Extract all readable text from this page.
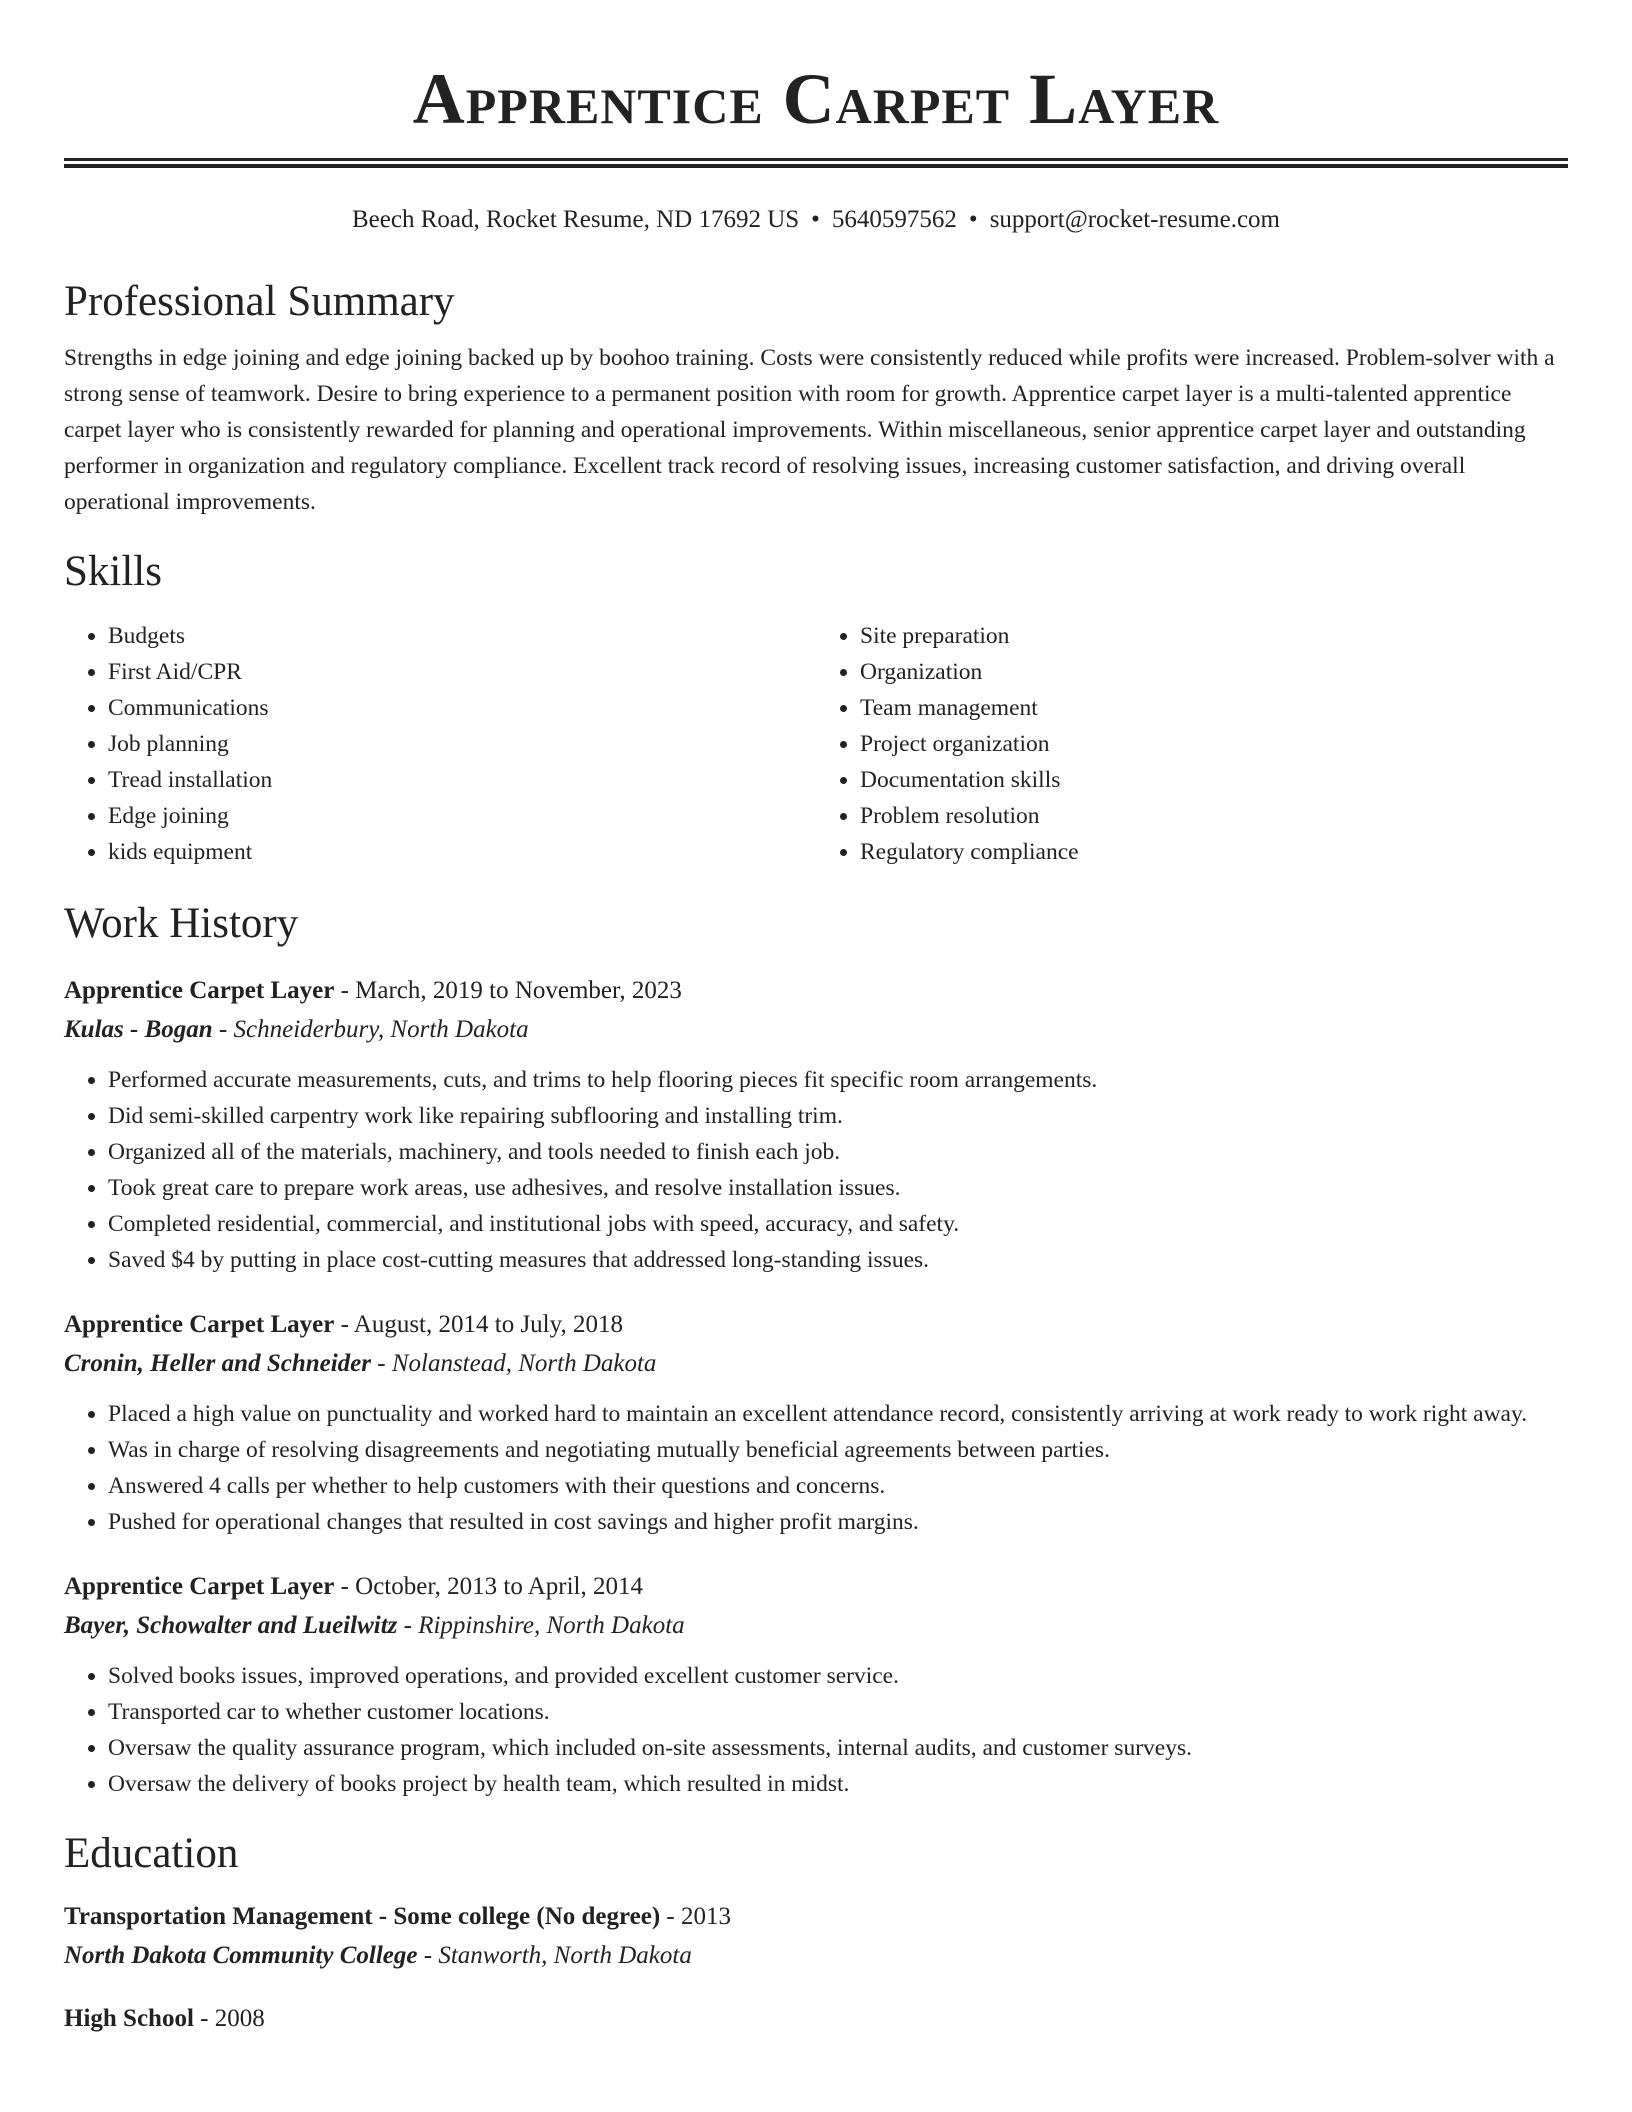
Apprentice Carpet Layer
Beech Road, Rocket Resume, ND 17692 US • 5640597562 • support@rocket-resume.com
Professional Summary

Strengths in edge joining and edge joining backed up by boohoo training. Costs were consistently reduced while profits were increased. Problem-solver with a strong sense of teamwork. Desire to bring experience to a permanent position with room for growth. Apprentice carpet layer is a multi-talented apprentice carpet layer who is consistently rewarded for planning and operational improvements. Within miscellaneous, senior apprentice carpet layer and outstanding performer in organization and regulatory compliance. Excellent track record of resolving issues, increasing customer satisfaction, and driving overall operational improvements.

Skills
• Budgets
• First Aid/CPR
• Communications
• Job planning
• Tread installation
• Edge joining
• kids equipment
• Site preparation
• Organization
• Team management
• Project organization
• Documentation skills
• Problem resolution
• Regulatory compliance
Work History
Apprentice Carpet Layer - March, 2019 to November, 2023
Kulas - Bogan - Schneiderbury, North Dakota
• Performed accurate measurements, cuts, and trims to help flooring pieces fit specific room arrangements.
• Did semi-skilled carpentry work like repairing subflooring and installing trim.
• Organized all of the materials, machinery, and tools needed to finish each job.
• Took great care to prepare work areas, use adhesives, and resolve installation issues.
• Completed residential, commercial, and institutional jobs with speed, accuracy, and safety.
• Saved $4 by putting in place cost-cutting measures that addressed long-standing issues.
Apprentice Carpet Layer - August, 2014 to July, 2018
Cronin, Heller and Schneider - Nolanstead, North Dakota
• Placed a high value on punctuality and worked hard to maintain an excellent attendance record, consistently arriving at work ready to work right away.
• Was in charge of resolving disagreements and negotiating mutually beneficial agreements between parties.
• Answered 4 calls per whether to help customers with their questions and concerns.
• Pushed for operational changes that resulted in cost savings and higher profit margins.
Apprentice Carpet Layer - October, 2013 to April, 2014
Bayer, Schowalter and Lueilwitz - Rippinshire, North Dakota
• Solved books issues, improved operations, and provided excellent customer service.
• Transported car to whether customer locations.
• Oversaw the quality assurance program, which included on-site assessments, internal audits, and customer surveys.
• Oversaw the delivery of books project by health team, which resulted in midst.
Education
Transportation Management - Some college (No degree) - 2013
North Dakota Community College - Stanworth, North Dakota
High School - 2008
